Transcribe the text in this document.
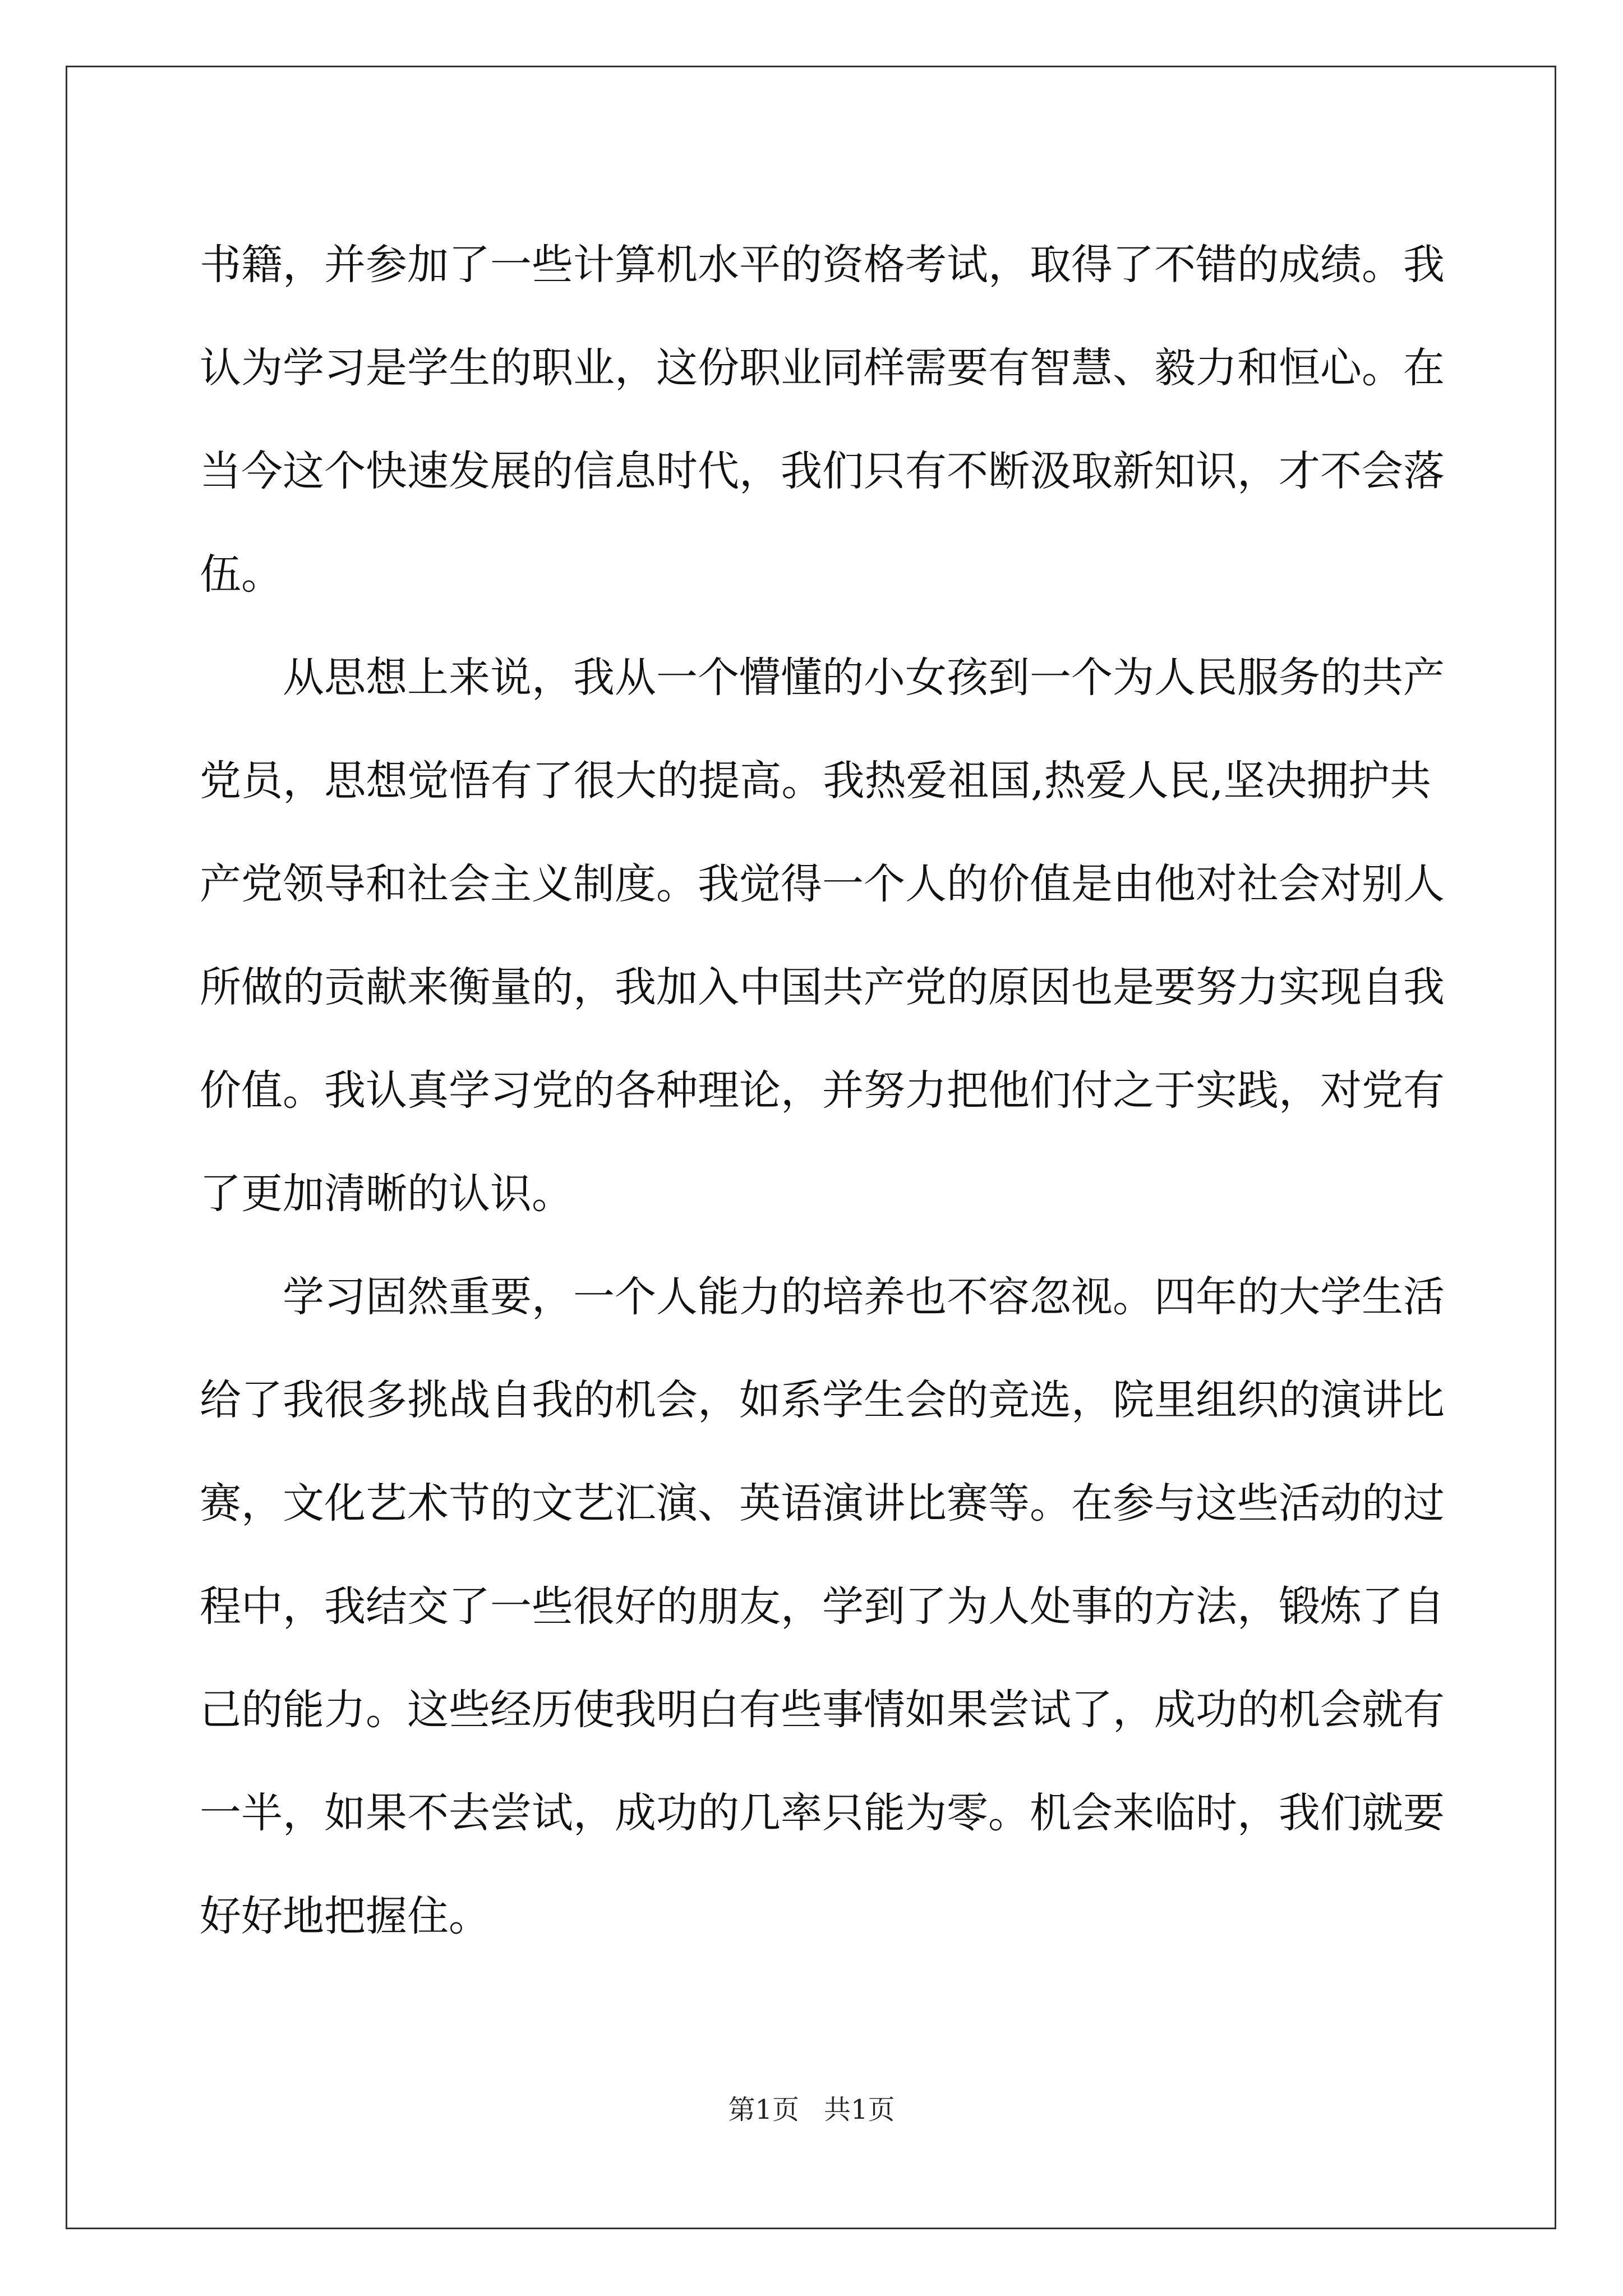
书籍，并参加了一些计算机水平的资格考试，取得了不错的成绩。我
认为学习是学生的职业，这份职业同样需要有智慧、毅力和恒心。在
当今这个快速发展的信息时代，我们只有不断汲取新知识，才不会落
伍。

　　从思想上来说，我从一个懵懂的小女孩到一个为人民服务的共产
党员，思想觉悟有了很大的提高。我热爱祖国,热爱人民,坚决拥护共
产党领导和社会主义制度。我觉得一个人的价值是由他对社会对别人
所做的贡献来衡量的，我加入中国共产党的原因也是要努力实现自我
价值。我认真学习党的各种理论，并努力把他们付之于实践，对党有
了更加清晰的认识。

　　学习固然重要，一个人能力的培养也不容忽视。四年的大学生活
给了我很多挑战自我的机会，如系学生会的竞选，院里组织的演讲比
赛，文化艺术节的文艺汇演、英语演讲比赛等。在参与这些活动的过
程中，我结交了一些很好的朋友，学到了为人处事的方法，锻炼了自
己的能力。这些经历使我明白有些事情如果尝试了，成功的机会就有
一半，如果不去尝试，成功的几率只能为零。机会来临时，我们就要
好好地把握住。

第1页 共1页
